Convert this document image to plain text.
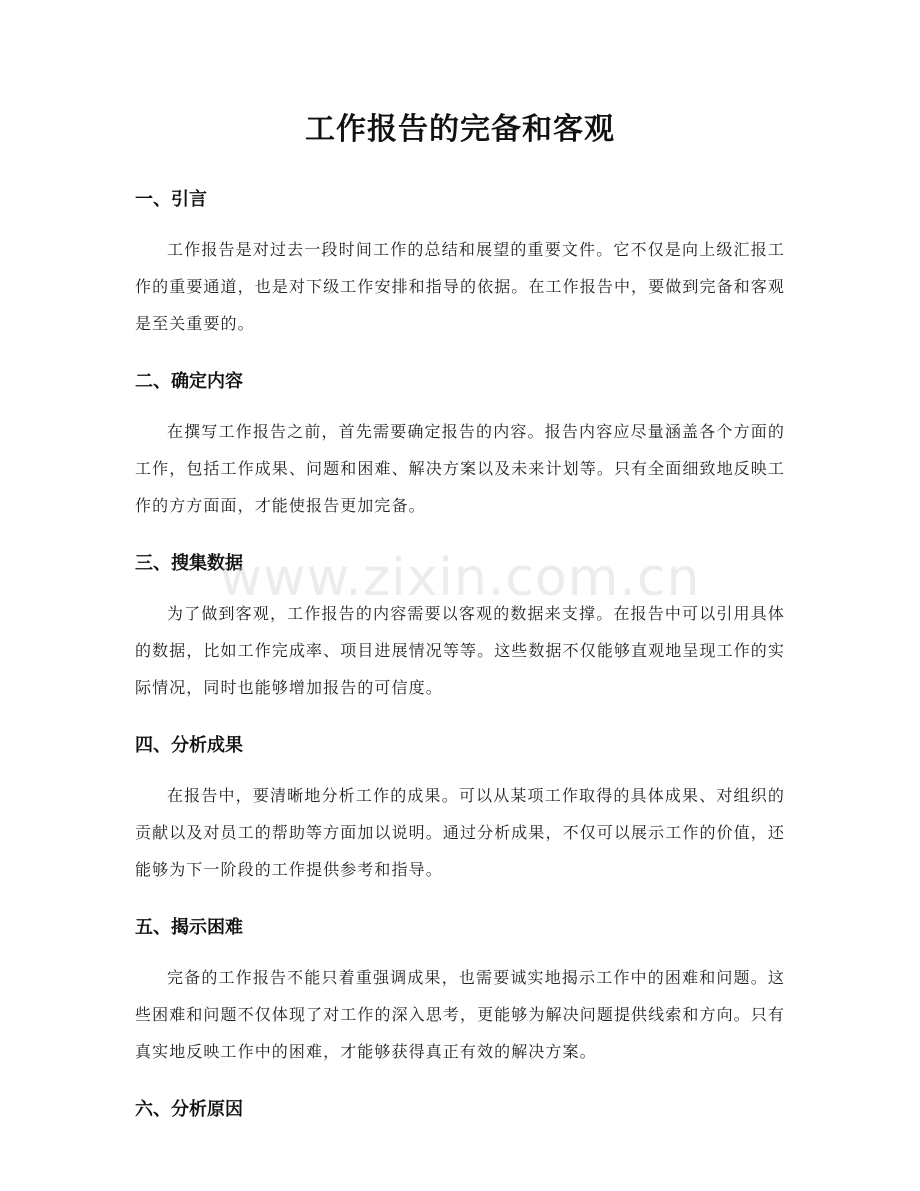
工作报告的完备和客观
一、引言

工作报告是对过去一段时间工作的总结和展望的重要文件。它不仅是向上级汇报工作的重要通道，也是对下级工作安排和指导的依据。在工作报告中，要做到完备和客观是至关重要的。

二、确定内容

在撰写工作报告之前，首先需要确定报告的内容。报告内容应尽量涵盖各个方面的工作，包括工作成果、问题和困难、解决方案以及未来计划等。只有全面细致地反映工作的方方面面，才能使报告更加完备。

三、搜集数据

为了做到客观，工作报告的内容需要以客观的数据来支撑。在报告中可以引用具体的数据，比如工作完成率、项目进展情况等等。这些数据不仅能够直观地呈现工作的实际情况，同时也能够增加报告的可信度。

四、分析成果

在报告中，要清晰地分析工作的成果。可以从某项工作取得的具体成果、对组织的贡献以及对员工的帮助等方面加以说明。通过分析成果，不仅可以展示工作的价值，还能够为下一阶段的工作提供参考和指导。

五、揭示困难

完备的工作报告不能只着重强调成果，也需要诚实地揭示工作中的困难和问题。这些困难和问题不仅体现了对工作的深入思考，更能够为解决问题提供线索和方向。只有真实地反映工作中的困难，才能够获得真正有效的解决方案。

六、分析原因
www.zixin.com.cn
